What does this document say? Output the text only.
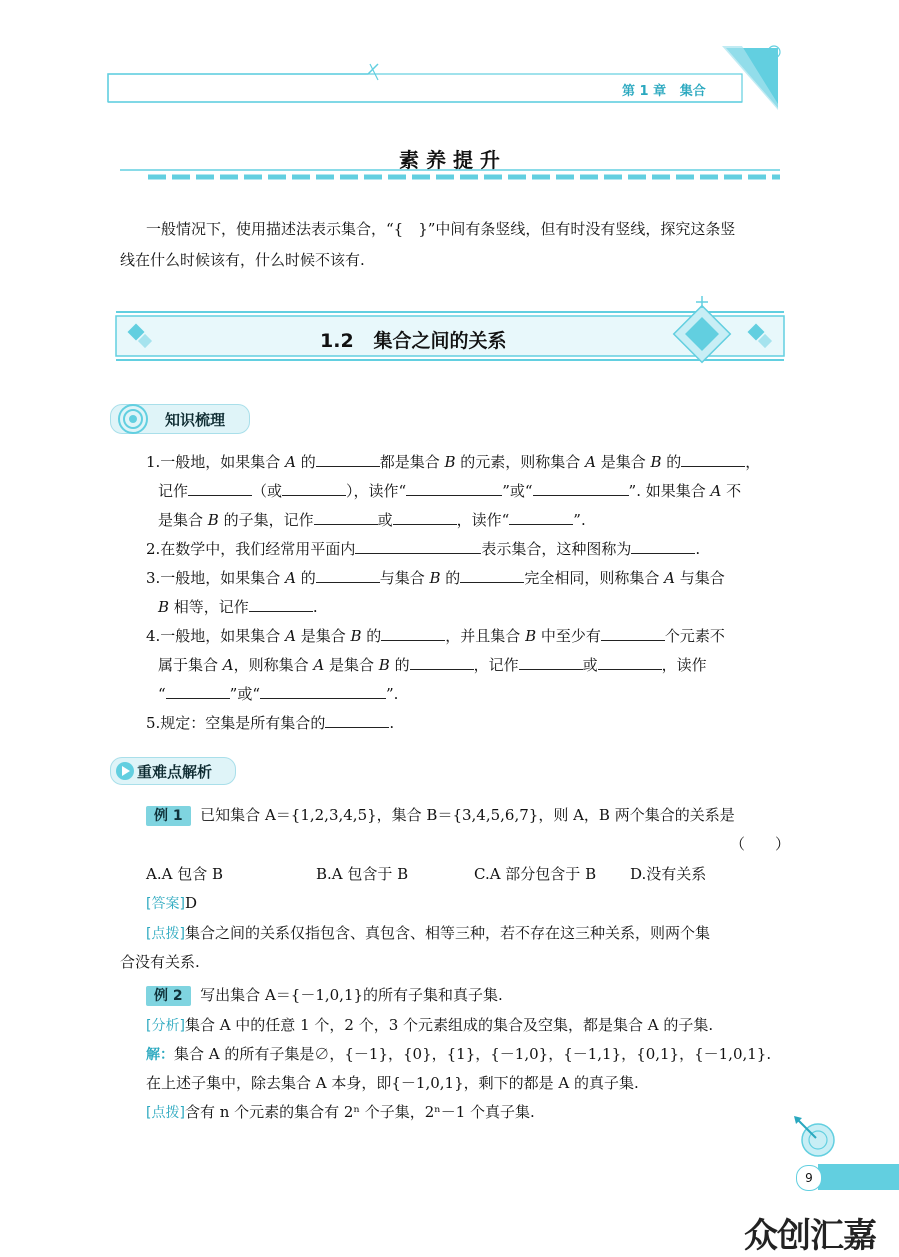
第 1 章 集合
素 养 提 升
一般情况下，使用描述法表示集合，“{　}”中间有条竖线，但有时没有竖线，探究这条竖
线在什么时候该有，什么时候不该有.
1.2 集合之间的关系
知识梳理
1.一般地，如果集合 A 的	都是集合 B 的元素，则称集合 A 是集合 B 的	，
记作	（或	），读作“	”或“	”. 如果集合 A 不
是集合 B 的子集，记作	或	，读作“	”.
2.在数学中，我们经常用平面内	表示集合，这种图称为	.
3.一般地，如果集合 A 的	与集合 B 的	完全相同，则称集合 A 与集合
B 相等，记作	.
4.一般地，如果集合 A 是集合 B 的	，并且集合 B 中至少有	个元素不
属于集合 A，则称集合 A 是集合 B 的	，记作	或	，读作
“	”或“	”.
5.规定：空集是所有集合的	.
重难点解析
例 1 已知集合 A＝{1,2,3,4,5}，集合 B＝{3,4,5,6,7}，则 A，B 两个集合的关系是
（　　）
A.A 包含 B	B.A 包含于 B	C.A 部分包含于 B D.没有关系
[答案]D
[点拨]集合之间的关系仅指包含、真包含、相等三种，若不存在这三种关系，则两个集
合没有关系.
例 2 写出集合 A＝{－1,0,1}的所有子集和真子集.
[分析]集合 A 中的任意 1 个，2 个，3 个元素组成的集合及空集，都是集合 A 的子集.
解：集合 A 的所有子集是∅，{－1}，{0}，{1}，{－1,0}，{－1,1}，{0,1}，{－1,0,1}.
在上述子集中，除去集合 A 本身，即{－1,0,1}，剩下的都是 A 的真子集.
[点拨]含有 n 个元素的集合有 2ⁿ 个子集，2ⁿ－1 个真子集.
9
众创汇嘉
